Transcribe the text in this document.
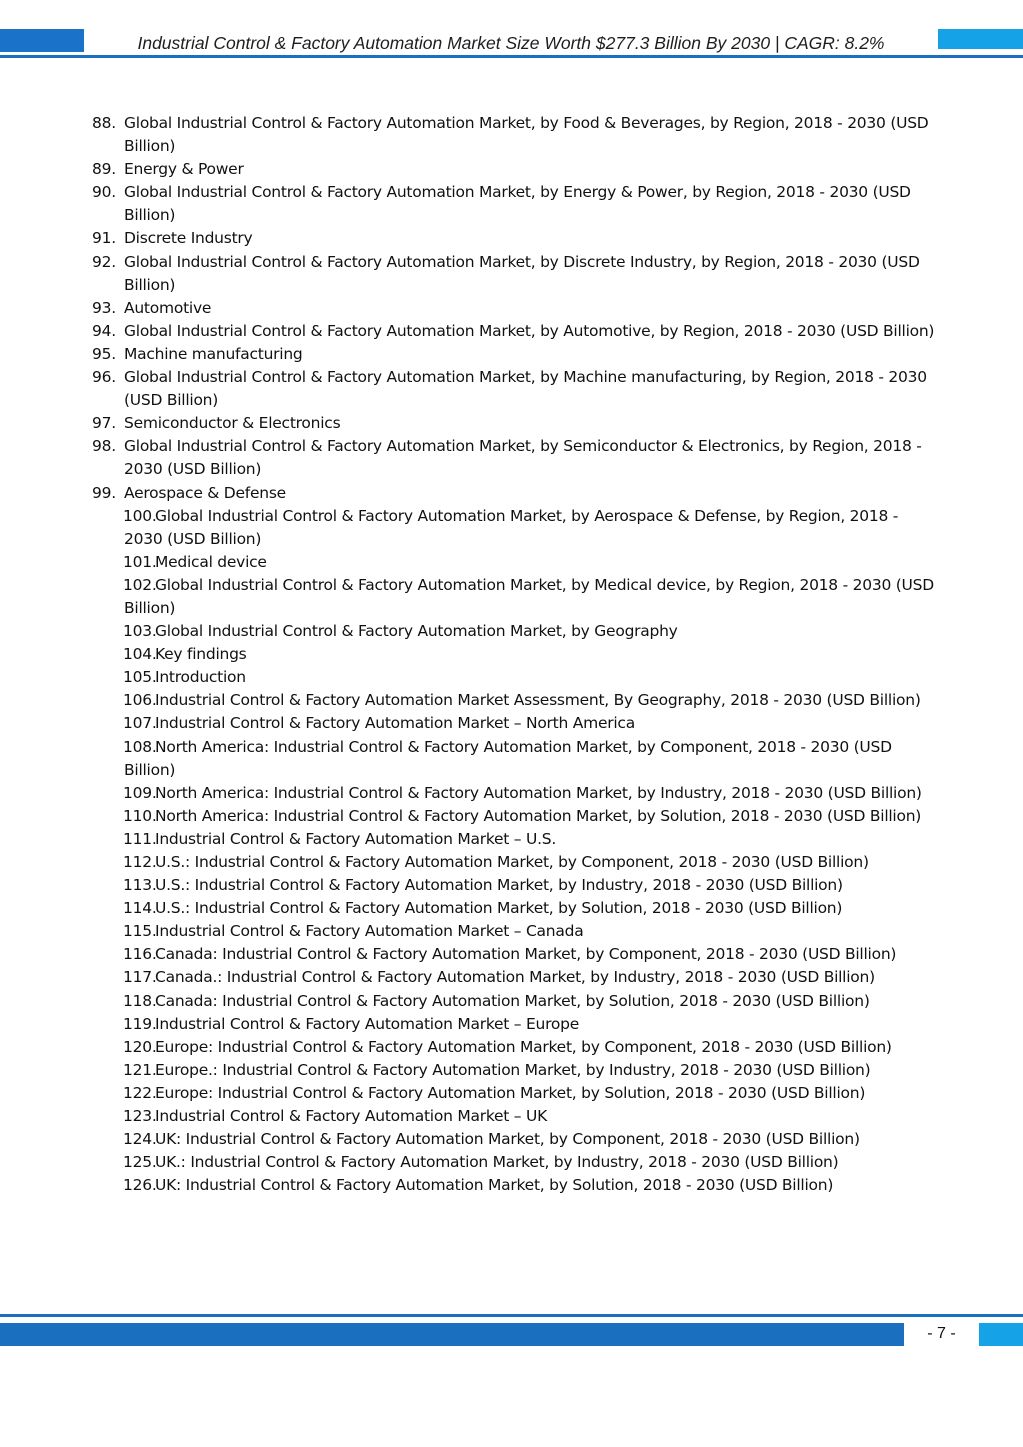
Industrial Control & Factory Automation Market Size Worth $277.3 Billion By 2030 | CAGR: 8.2%
88. Global Industrial Control & Factory Automation Market, by Food & Beverages, by Region, 2018 - 2030 (USD Billion)
89. Energy & Power
90. Global Industrial Control & Factory Automation Market, by Energy & Power, by Region, 2018 - 2030 (USD Billion)
91. Discrete Industry
92. Global Industrial Control & Factory Automation Market, by Discrete Industry, by Region, 2018 - 2030 (USD Billion)
93. Automotive
94. Global Industrial Control & Factory Automation Market, by Automotive, by Region, 2018 - 2030 (USD Billion)
95. Machine manufacturing
96. Global Industrial Control & Factory Automation Market, by Machine manufacturing, by Region, 2018 - 2030 (USD Billion)
97. Semiconductor & Electronics
98. Global Industrial Control & Factory Automation Market, by Semiconductor & Electronics, by Region, 2018 - 2030 (USD Billion)
99. Aerospace & Defense
100.
Global Industrial Control & Factory Automation Market, by Aerospace & Defense, by Region, 2018 - 2030 (USD Billion)
101.
Medical device
102.
Global Industrial Control & Factory Automation Market, by Medical device, by Region, 2018 - 2030 (USD Billion)
103.
Global Industrial Control & Factory Automation Market, by Geography
104.
Key findings
105.
Introduction
106.
Industrial Control & Factory Automation Market Assessment, By Geography, 2018 - 2030 (USD Billion)
107.
Industrial Control & Factory Automation Market – North America
108.
North America: Industrial Control & Factory Automation Market, by Component, 2018 - 2030 (USD Billion)
109.
North America: Industrial Control & Factory Automation Market, by Industry, 2018 - 2030 (USD Billion)
110.
North America: Industrial Control & Factory Automation Market, by Solution, 2018 - 2030 (USD Billion)
111.
Industrial Control & Factory Automation Market – U.S.
112.
U.S.: Industrial Control & Factory Automation Market, by Component, 2018 - 2030 (USD Billion)
113.
U.S.: Industrial Control & Factory Automation Market, by Industry, 2018 - 2030 (USD Billion)
114.
U.S.: Industrial Control & Factory Automation Market, by Solution, 2018 - 2030 (USD Billion)
115.
Industrial Control & Factory Automation Market – Canada
116.
Canada: Industrial Control & Factory Automation Market, by Component, 2018 - 2030 (USD Billion)
117.
Canada.: Industrial Control & Factory Automation Market, by Industry, 2018 - 2030 (USD Billion)
118.
Canada: Industrial Control & Factory Automation Market, by Solution, 2018 - 2030 (USD Billion)
119.
Industrial Control & Factory Automation Market – Europe
120.
Europe: Industrial Control & Factory Automation Market, by Component, 2018 - 2030 (USD Billion)
121.
Europe.: Industrial Control & Factory Automation Market, by Industry, 2018 - 2030 (USD Billion)
122.
Europe: Industrial Control & Factory Automation Market, by Solution, 2018 - 2030 (USD Billion)
123.
Industrial Control & Factory Automation Market – UK
124.
UK: Industrial Control & Factory Automation Market, by Component, 2018 - 2030 (USD Billion)
125.
UK.: Industrial Control & Factory Automation Market, by Industry, 2018 - 2030 (USD Billion)
126.
UK: Industrial Control & Factory Automation Market, by Solution, 2018 - 2030 (USD Billion)
- 7 -
